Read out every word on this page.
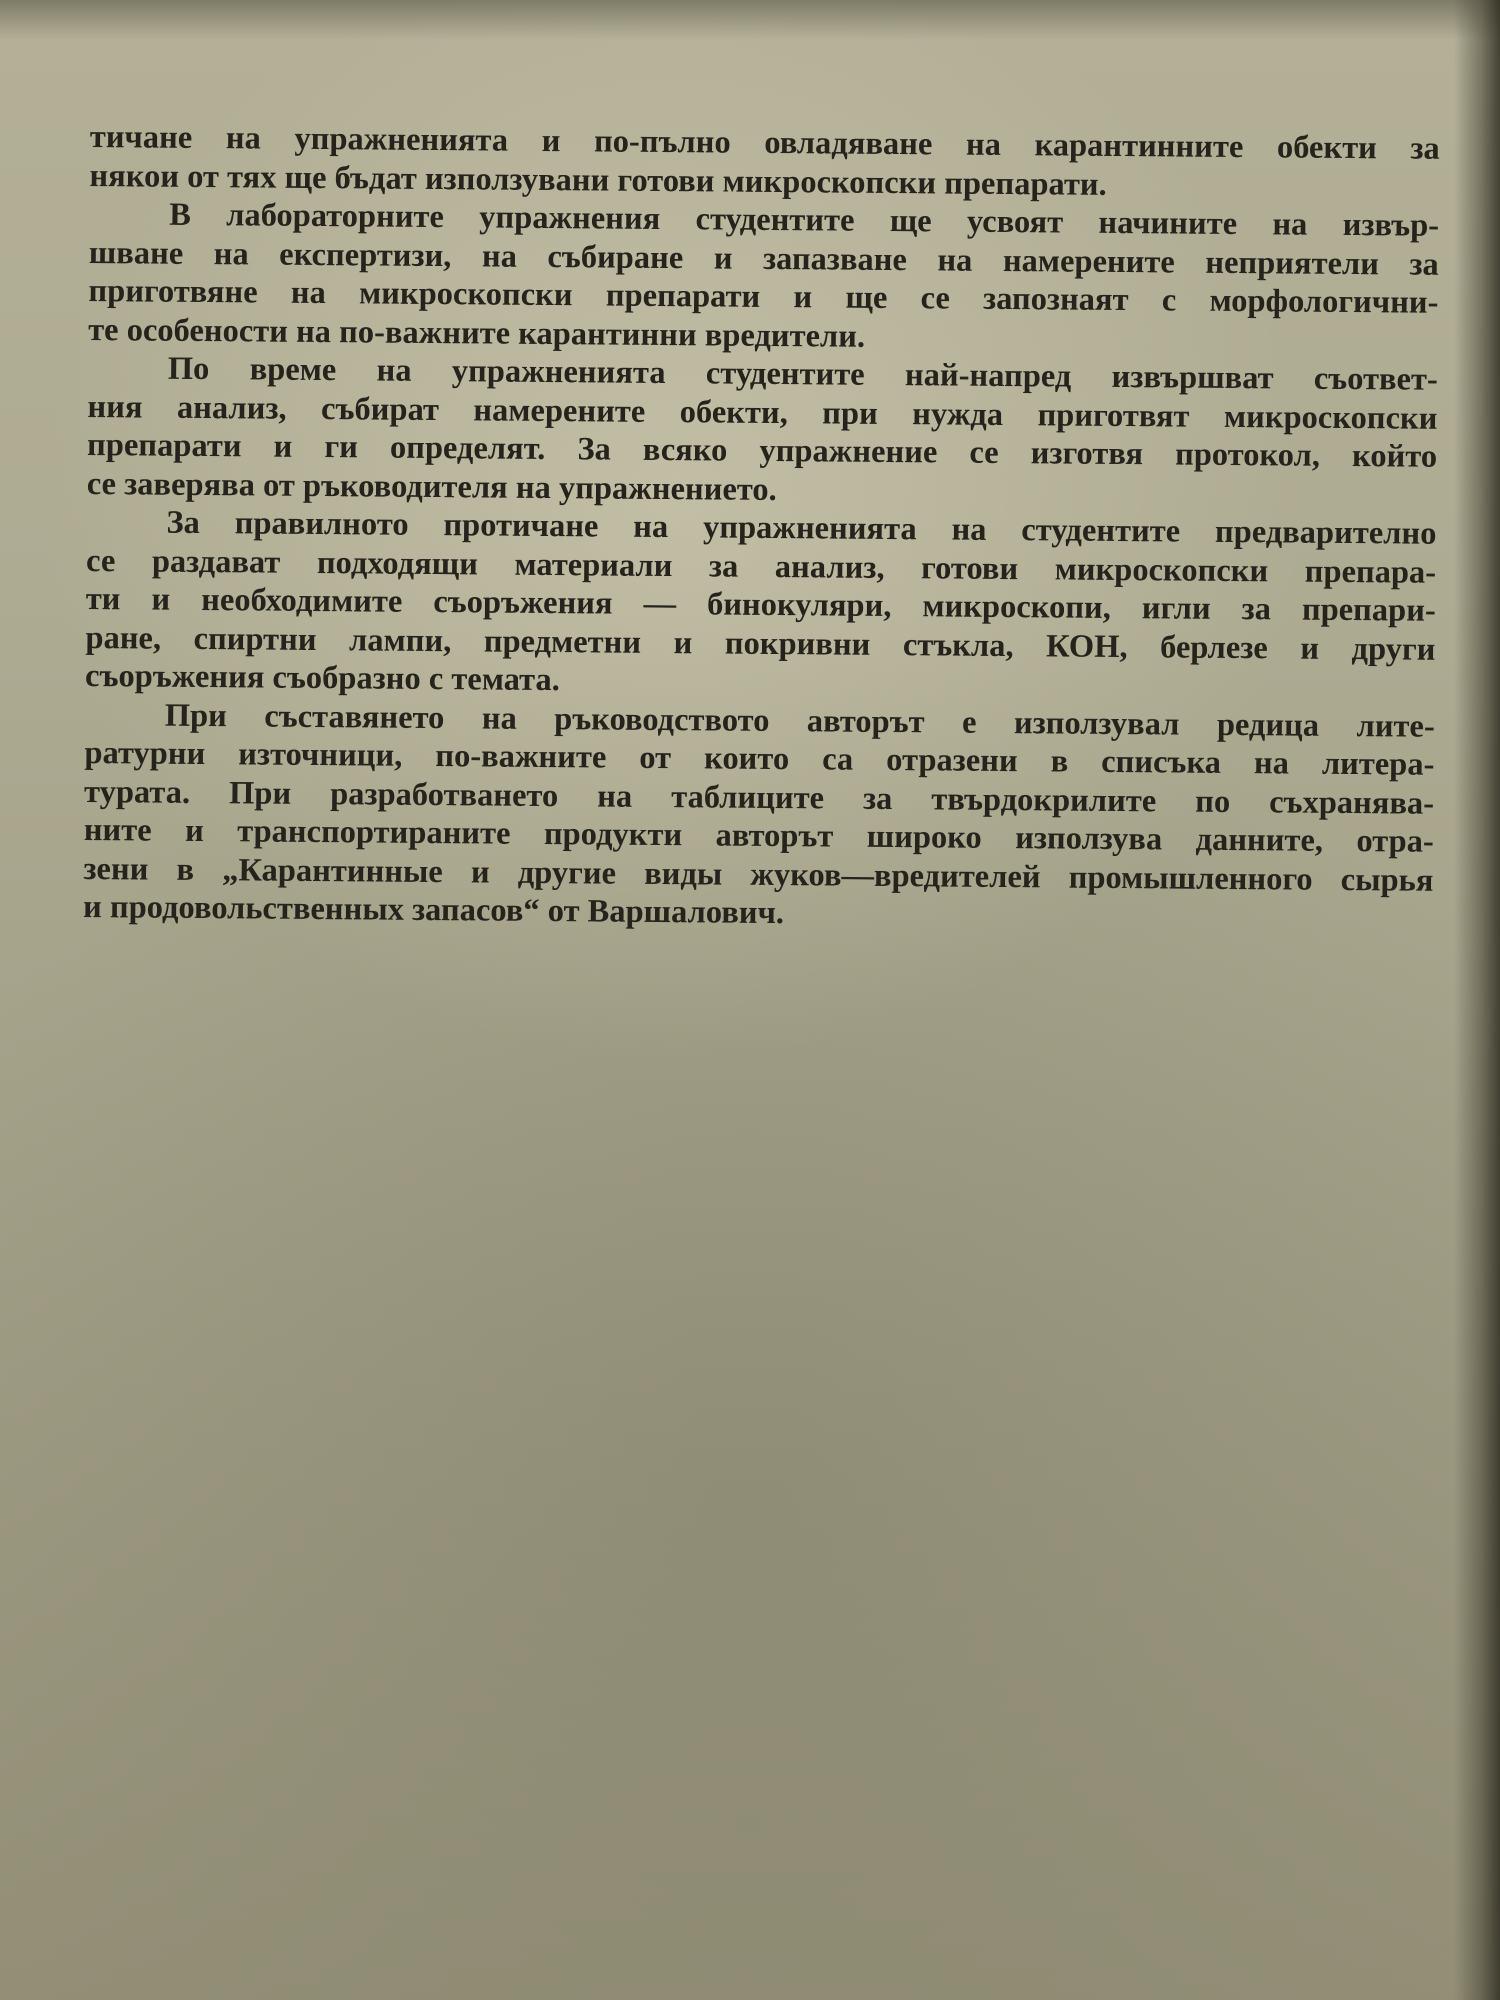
тичане на упражненията и по-пълно овладяване на карантинните обекти за
някои от тях ще бъдат използувани готови микроскопски препарати.

В лабораторните упражнения студентите ще усвоят начините на извър-
шване на експертизи, на събиране и запазване на намерените неприятели за
приготвяне на микроскопски препарати и ще се запознаят с морфологични-
те особености на по-важните карантинни вредители.

По време на упражненията студентите най-напред извършват съответ-
ния анализ, събират намерените обекти, при нужда приготвят микроскопски
препарати и ги определят. За всяко упражнение се изготвя протокол, който
се заверява от ръководителя на упражнението.

За правилното протичане на упражненията на студентите предварително
се раздават подходящи материали за анализ, готови микроскопски препара-
ти и необходимите съоръжения — бинокуляри, микроскопи, игли за препари-
ране, спиртни лампи, предметни и покривни стъкла, КОН, берлезе и други
съоръжения съобразно с темата.

При съставянето на ръководството авторът е използувал редица лите-
ратурни източници, по-важните от които са отразени в списъка на литера-
турата. При разработването на таблиците за твърдокрилите по съхранява-
ните и транспортираните продукти авторът широко използува данните, отра-
зени в „Карантинные и другие виды жуков—вредителей промышленного сырья
и продовольственных запасов“ от Варшалович.
